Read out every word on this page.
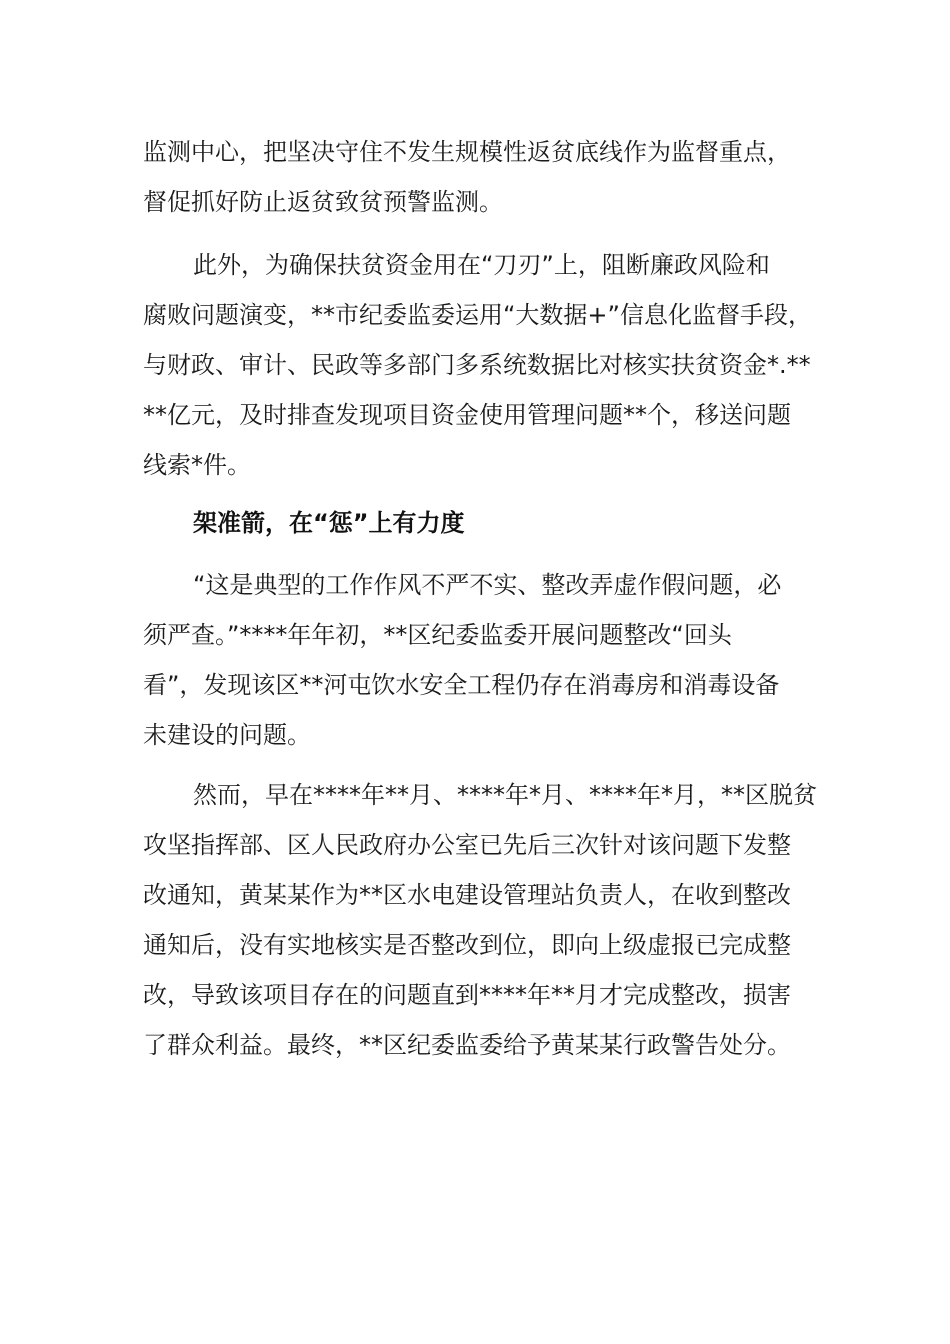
监测中心，把坚决守住不发生规模性返贫底线作为监督重点，
督促抓好防止返贫致贫预警监测。
此外，为确保扶贫资金用在“刀刃”上，阻断廉政风险和
腐败问题演变，**市纪委监委运用“大数据+”信息化监督手段，
与财政、审计、民政等多部门多系统数据比对核实扶贫资金*.**
**亿元，及时排查发现项目资金使用管理问题**个，移送问题
线索*件。
架准箭，在“惩”上有力度
“这是典型的工作作风不严不实、整改弄虚作假问题，必
须严查。”****年年初，**区纪委监委开展问题整改“回头
看”，发现该区**河屯饮水安全工程仍存在消毒房和消毒设备
未建设的问题。
然而，早在****年**月、****年*月、****年*月，**区脱贫
攻坚指挥部、区人民政府办公室已先后三次针对该问题下发整
改通知，黄某某作为**区水电建设管理站负责人，在收到整改
通知后，没有实地核实是否整改到位，即向上级虚报已完成整
改，导致该项目存在的问题直到****年**月才完成整改，损害
了群众利益。最终，**区纪委监委给予黄某某行政警告处分。
